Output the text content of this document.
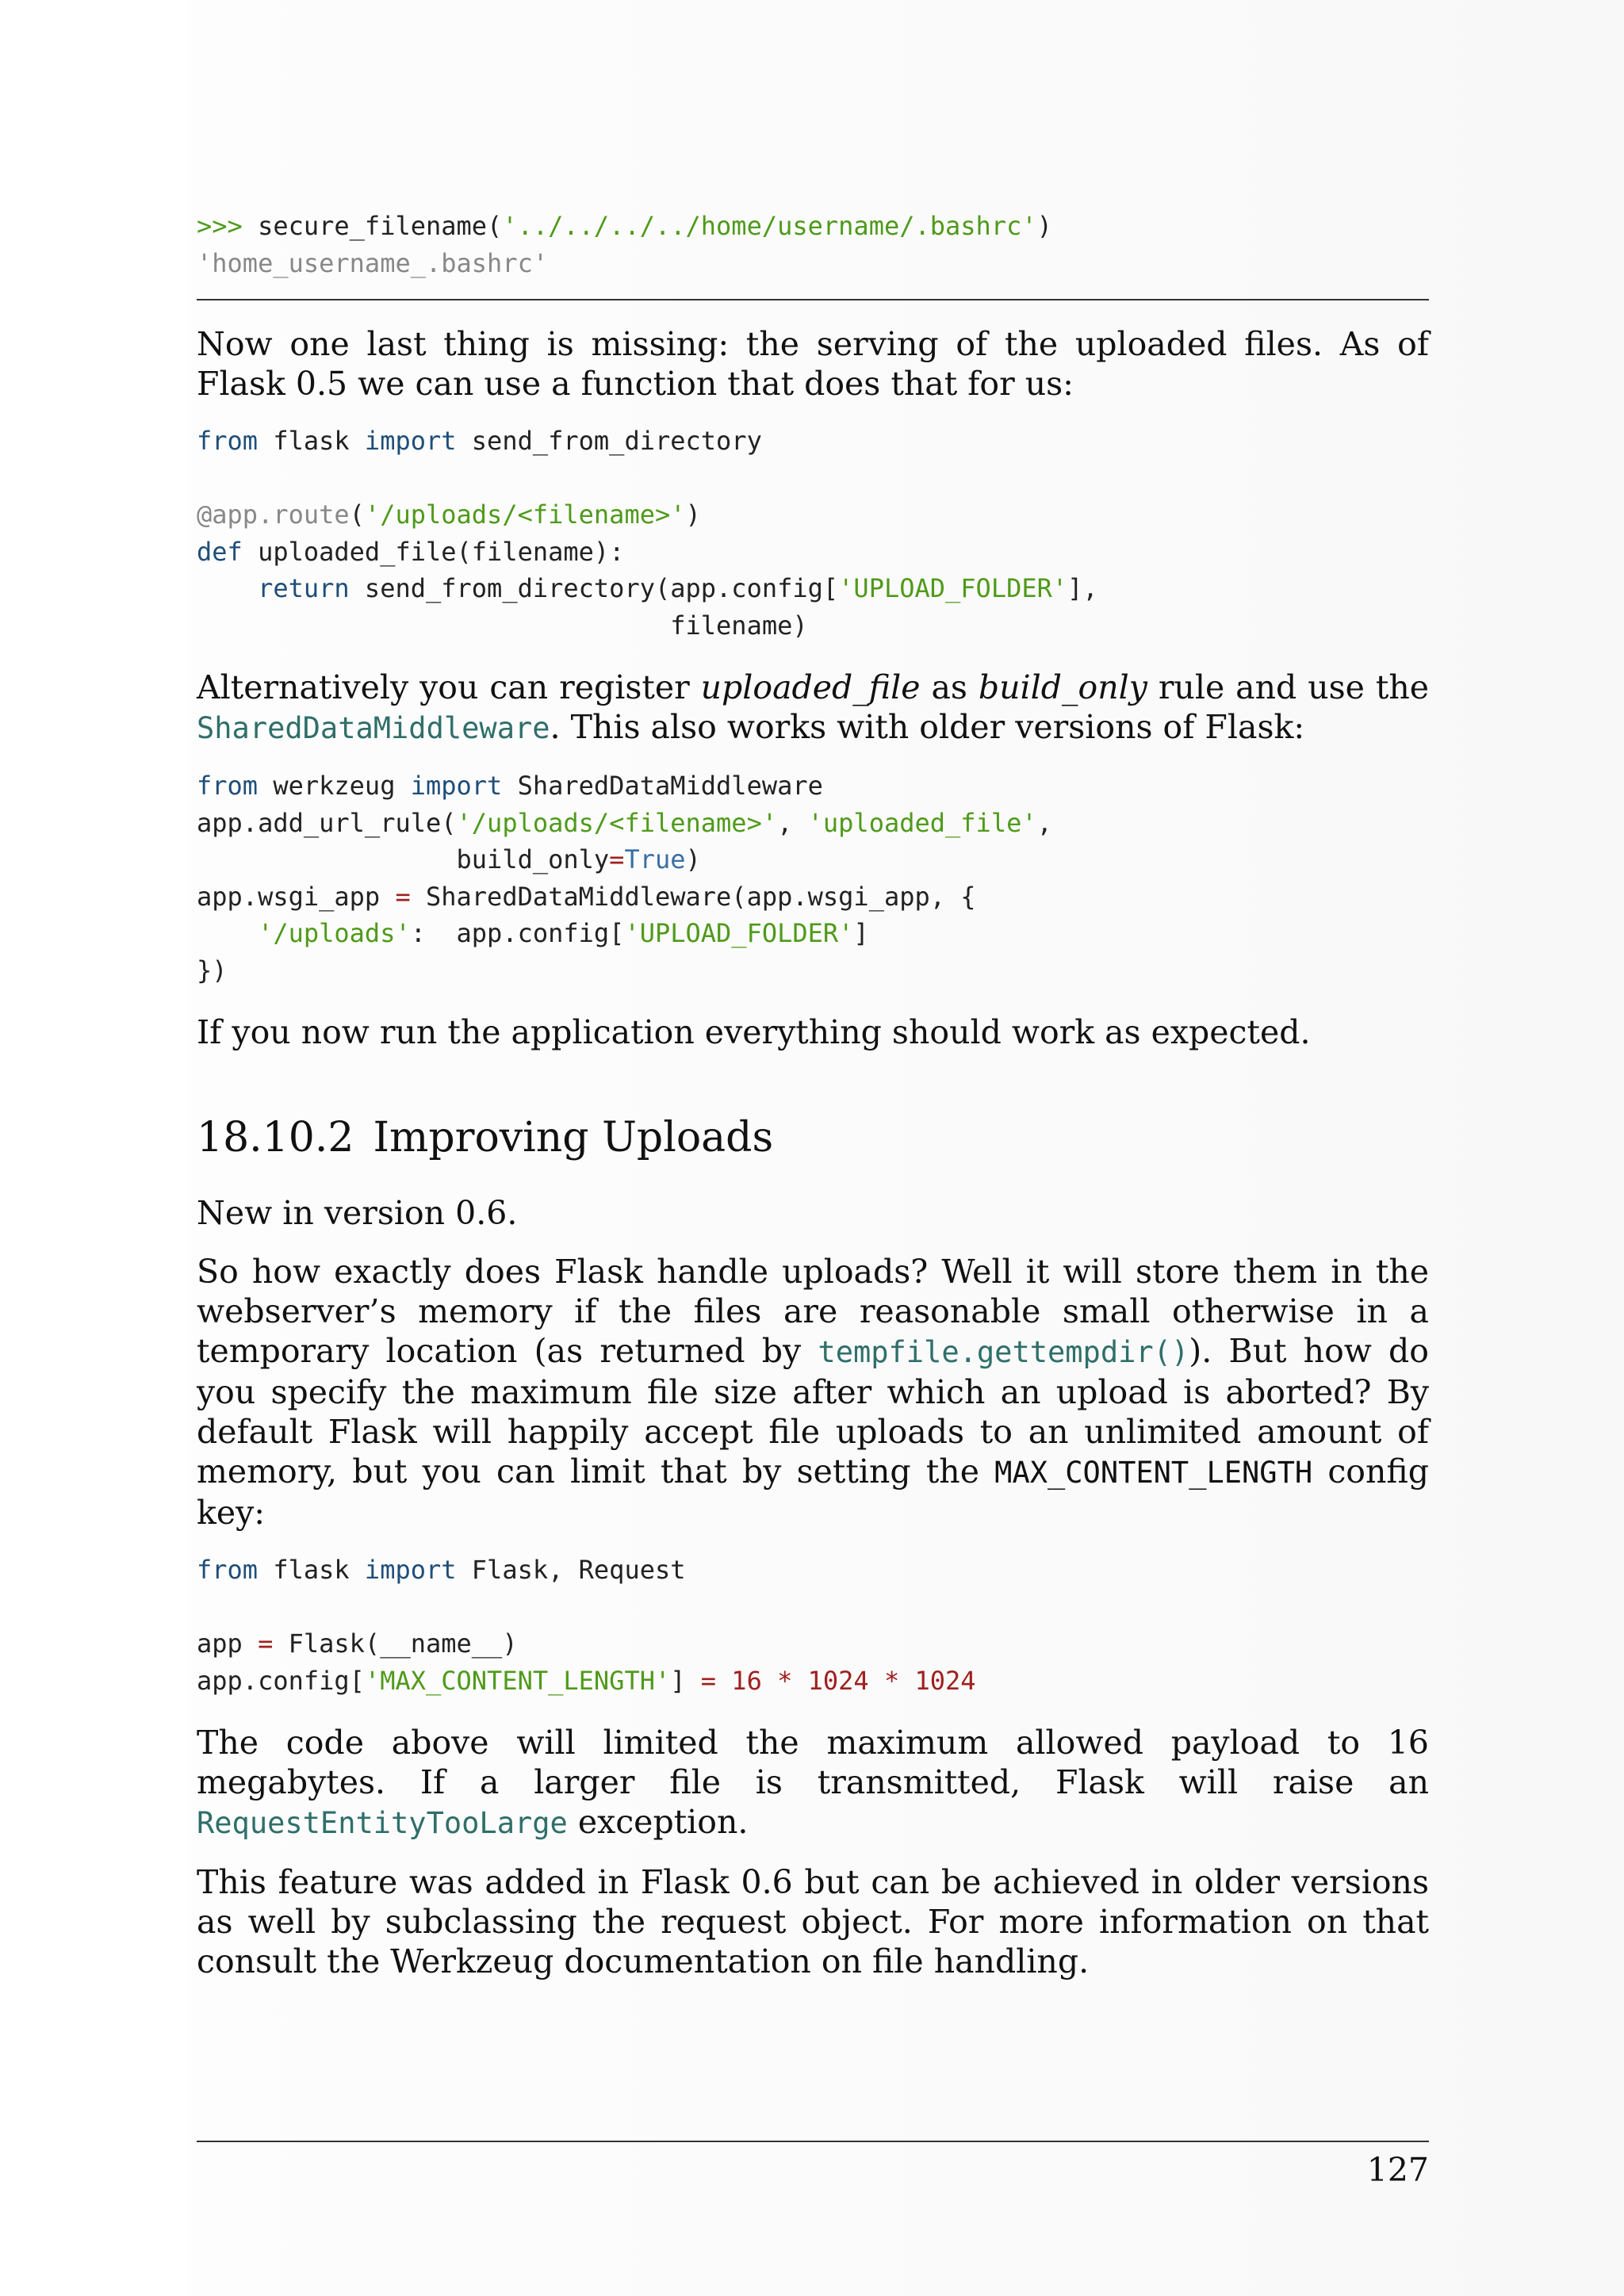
>>> secure_filename('../../../../home/username/.bashrc')
'home_username_.bashrc'

Now one last thing is missing: the serving of the uploaded files. As of Flask 0.5 we can use a function that does that for us:

from flask import send_from_directory

@app.route('/uploads/<filename>')
def uploaded_file(filename):
return send_from_directory(app.config['UPLOAD_FOLDER'],
filename)

Alternatively you can register uploaded_file as build_only rule and use the SharedDataMiddleware. This also works with older versions of Flask:

from werkzeug import SharedDataMiddleware
app.add_url_rule('/uploads/<filename>', 'uploaded_file',
build_only=True)
app.wsgi_app = SharedDataMiddleware(app.wsgi_app, {
'/uploads':  app.config['UPLOAD_FOLDER']
})

If you now run the application everything should work as expected.

18.10.2 Improving Uploads

New in version 0.6.

So how exactly does Flask handle uploads? Well it will store them in the webserver’s memory if the files are reasonable small otherwise in a temporary location (as returned by tempfile.gettempdir()). But how do you specify the maximum file size after which an upload is aborted? By default Flask will happily accept file uploads to an unlimited amount of memory, but you can limit that by setting the MAX_CONTENT_LENGTH config key:

from flask import Flask, Request

app = Flask(__name__)
app.config['MAX_CONTENT_LENGTH'] = 16 * 1024 * 1024

The code above will limited the maximum allowed payload to 16 megabytes. If a larger file is transmitted, Flask will raise an RequestEntityTooLarge exception.

This feature was added in Flask 0.6 but can be achieved in older versions as well by subclassing the request object. For more information on that consult the Werkzeug documentation on file handling.

127
